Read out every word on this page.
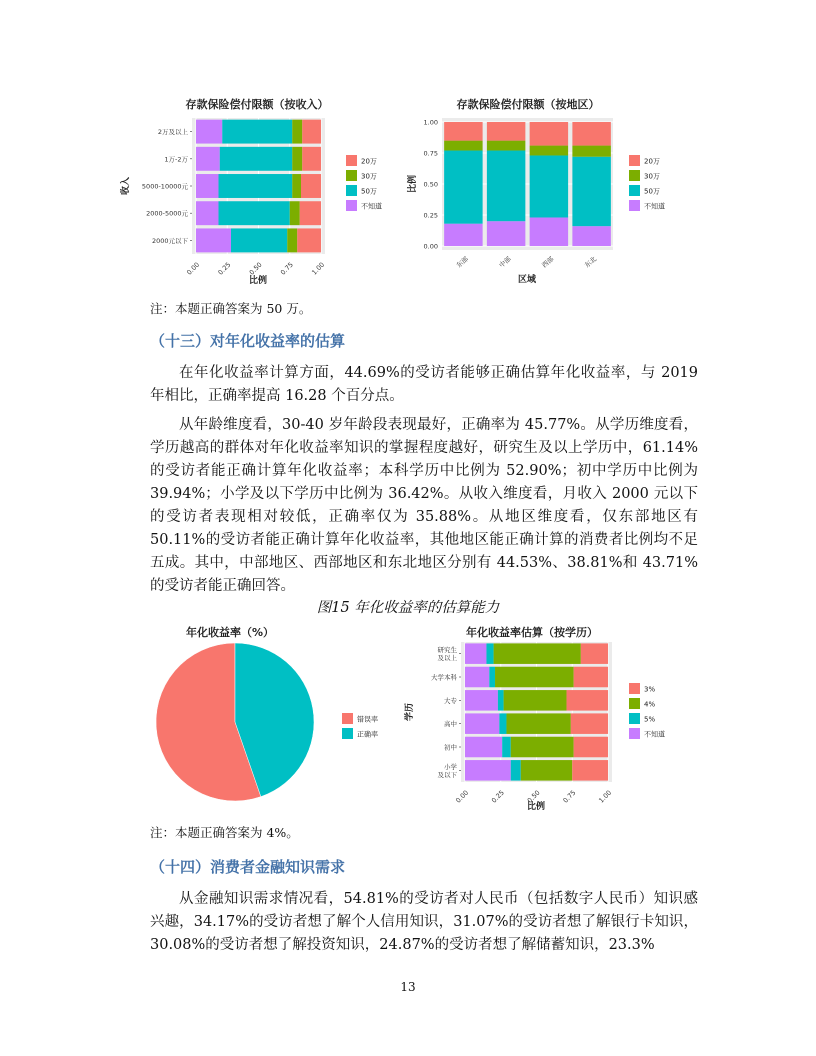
存款保险偿付限额（按收入）
2000元以下
2000-5000元
5000-10000元
1万-2万
2万及以上
0.00 0.25 0.50 0.75 1.00
比例
收入
20万
30万
50万
不知道
存款保险偿付限额（按地区）
0.00
0.25
0.50
0.75
1.00
东部	中部	西部	东北
区域
比例
20万
30万
50万
不知道
注：本题正确答案为 50 万。
（十三）对年化收益率的估算

在年化收益率计算方面，44.69%的受访者能够正确估算年化收益率，与 2019 年相比，正确率提高 16.28 个百分点。

从年龄维度看，30-40 岁年龄段表现最好，正确率为 45.77%。从学历维度看，学历越高的群体对年化收益率知识的掌握程度越好，研究生及以上学历中，61.14%的受访者能正确计算年化收益率；本科学历中比例为 52.90%；初中学历中比例为 39.94%；小学及以下学历中比例为 36.42%。从收入维度看，月收入 2000 元以下的受访者表现相对较低，正确率仅为 35.88%。从地区维度看，仅东部地区有 50.11%的受访者能正确计算年化收益率，其他地区能正确计算的消费者比例均不足五成。其中，中部地区、西部地区和东北地区分别有 44.53%、38.81%和 43.71%的受访者能正确回答。

图15 年化收益率的估算能力
年化收益率（%）
错误率
正确率
年化收益率估算（按学历）
小学及以下
初中
高中
大专
大学本科
研究生及以上
0.00	0.25	0.50	0.75	1.00
比例
学历
3%
4%
5%
不知道
注：本题正确答案为 4%。
（十四）消费者金融知识需求

从金融知识需求情况看，54.81%的受访者对人民币（包括数字人民币）知识感兴趣，34.17%的受访者想了解个人信用知识，31.07%的受访者想了解银行卡知识，30.08%的受访者想了解投资知识，24.87%的受访者想了解储蓄知识，23.3%

13
